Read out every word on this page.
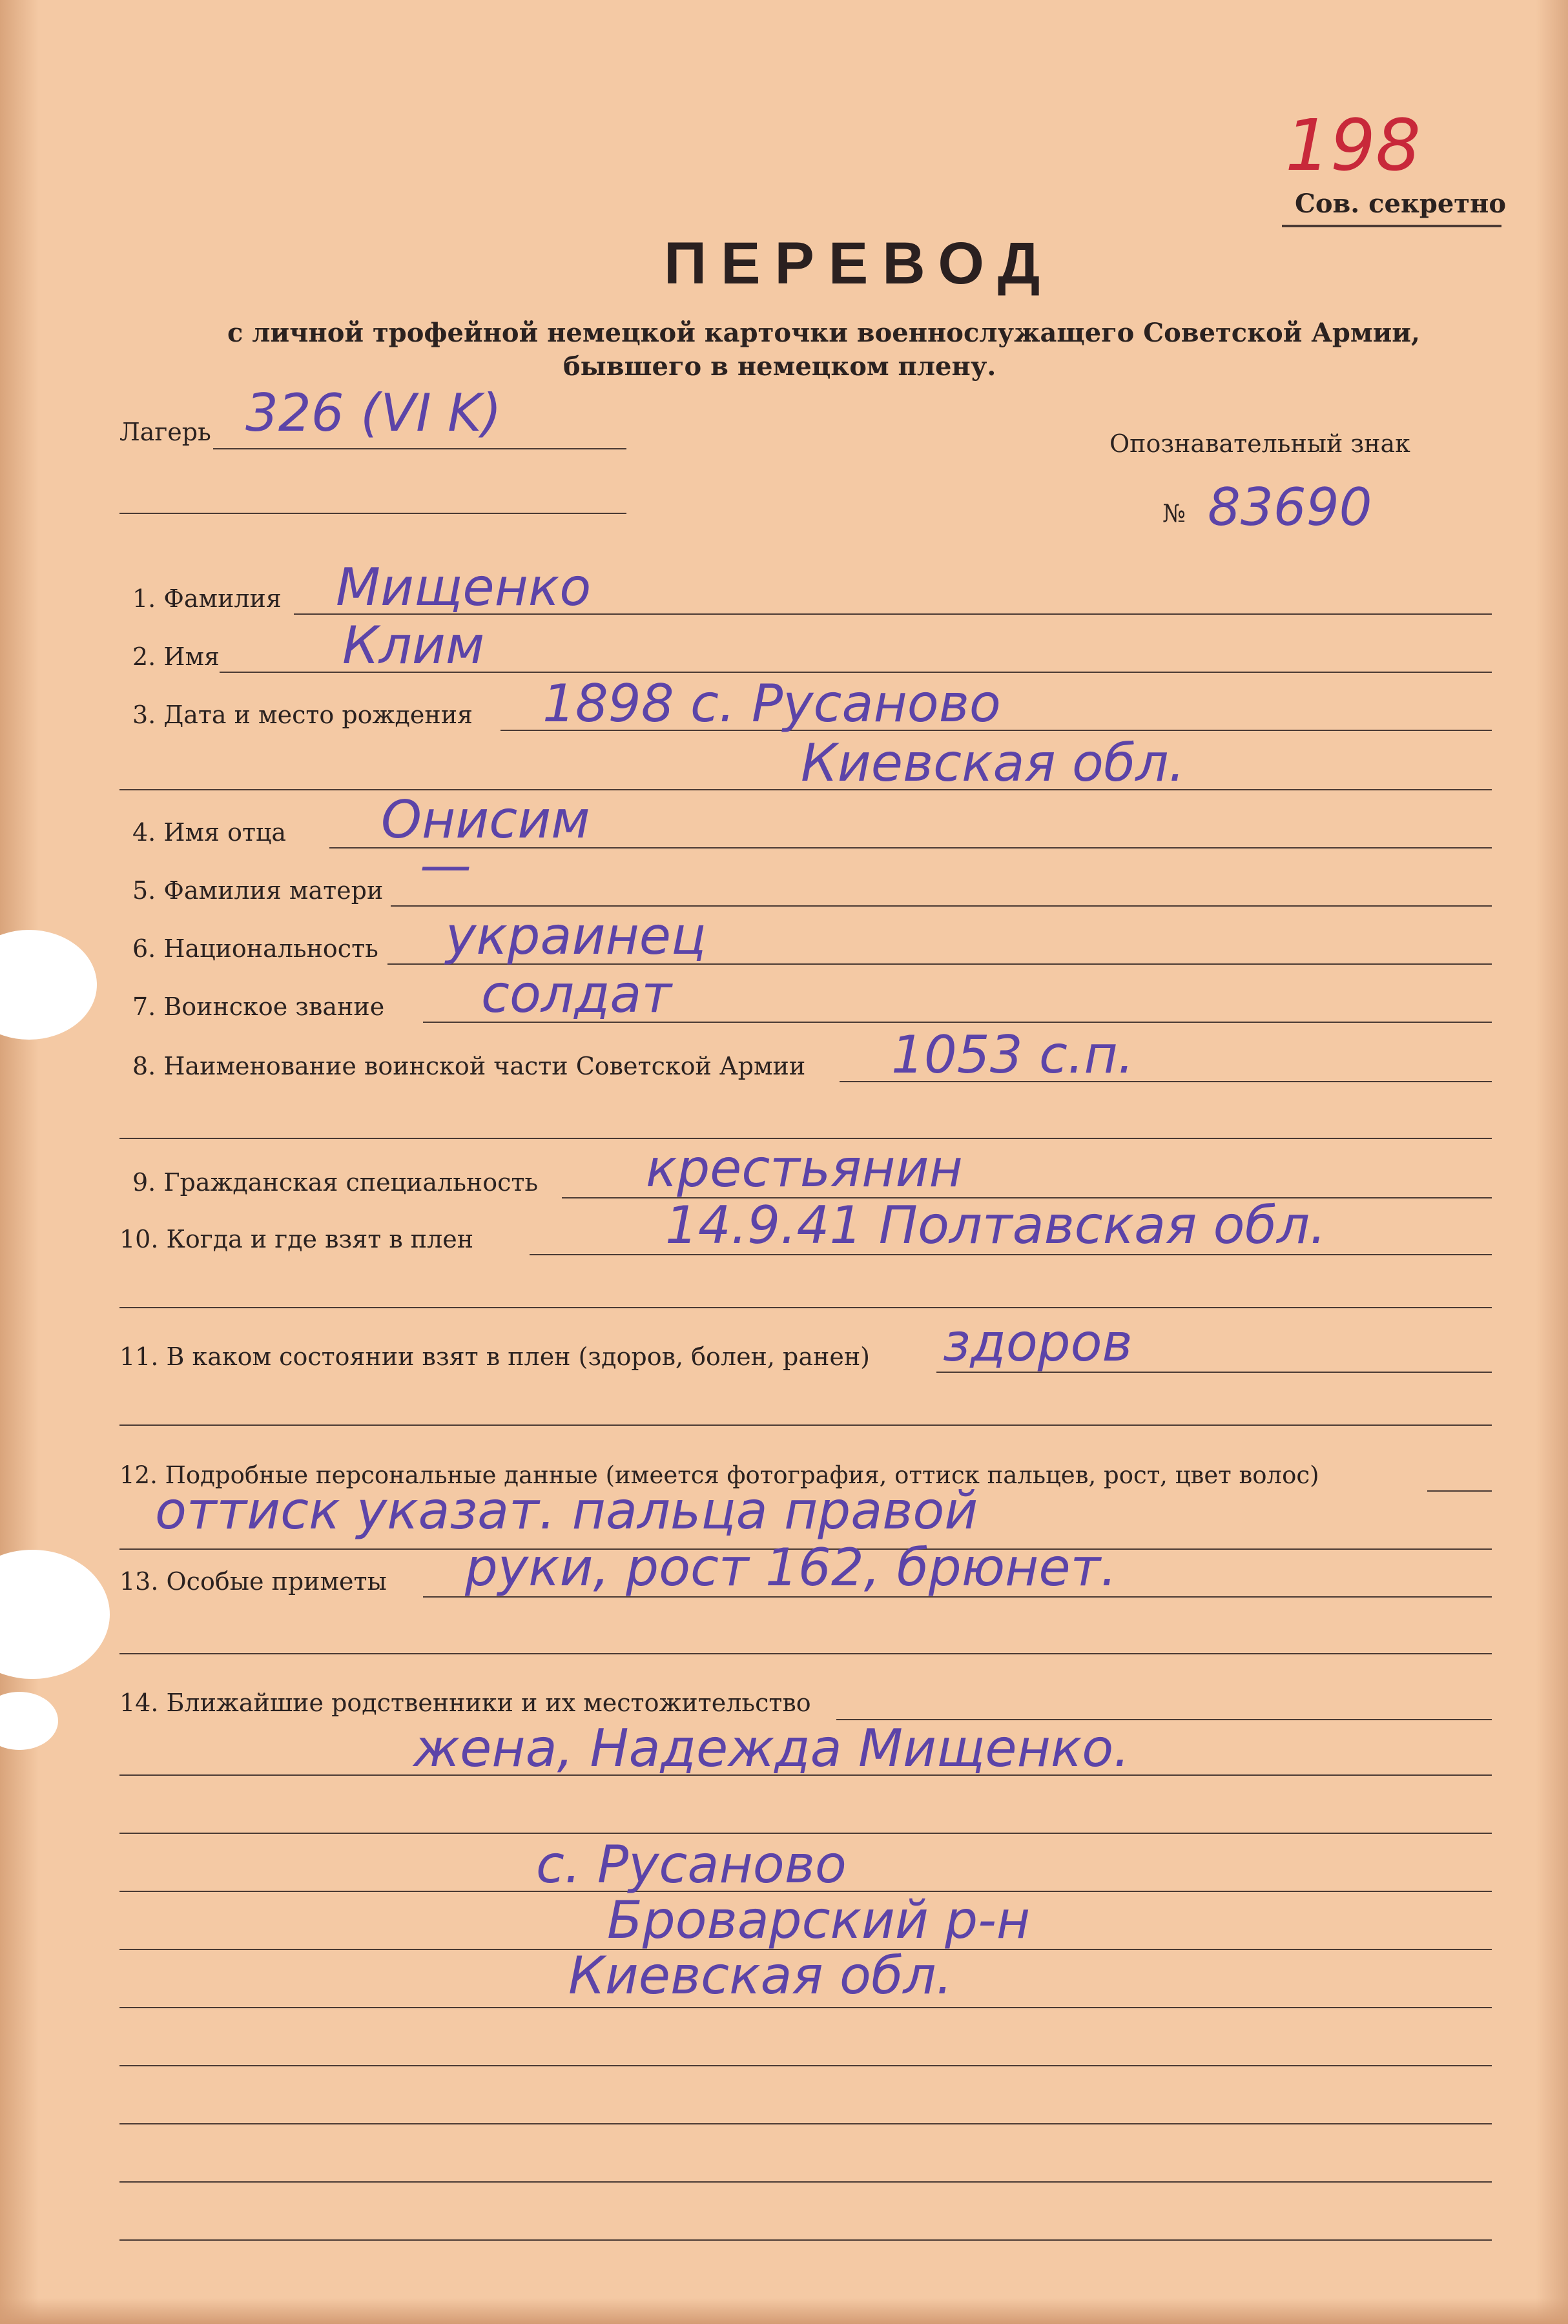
198
Сов. секретно
ПЕРЕВОД
с личной трофейной немецкой карточки военнослужащего Советской Армии,
бывшего в немецком плену.
Лагерь 326 (VI K)
Опознавательный знак
№ 83690
1. Фамилия Мищенко
2. Имя Клим
3. Дата и место рождения 1898 с. Русаново
Киевская обл.
4. Имя отца Онисим
5. Фамилия матери —
6. Национальность украинец
7. Воинское звание солдат
8. Наименование воинской части Советской Армии 1053 с.п.
9. Гражданская специальность крестьянин
10. Когда и где взят в плен	14.9.41 Полтавская обл.
11. В каком состоянии взят в плен (здоров, болен, ранен) здоров
12. Подробные персональные данные (имеется фотография, оттиск пальцев, рост, цвет волос)
оттиск указат. пальца правой
13. Особые приметы руки, рост 162, брюнет.
14. Ближайшие родственники и их местожительство
жена, Надежда Мищенко.
с. Русаново
Броварский р-н
Киевская обл.
